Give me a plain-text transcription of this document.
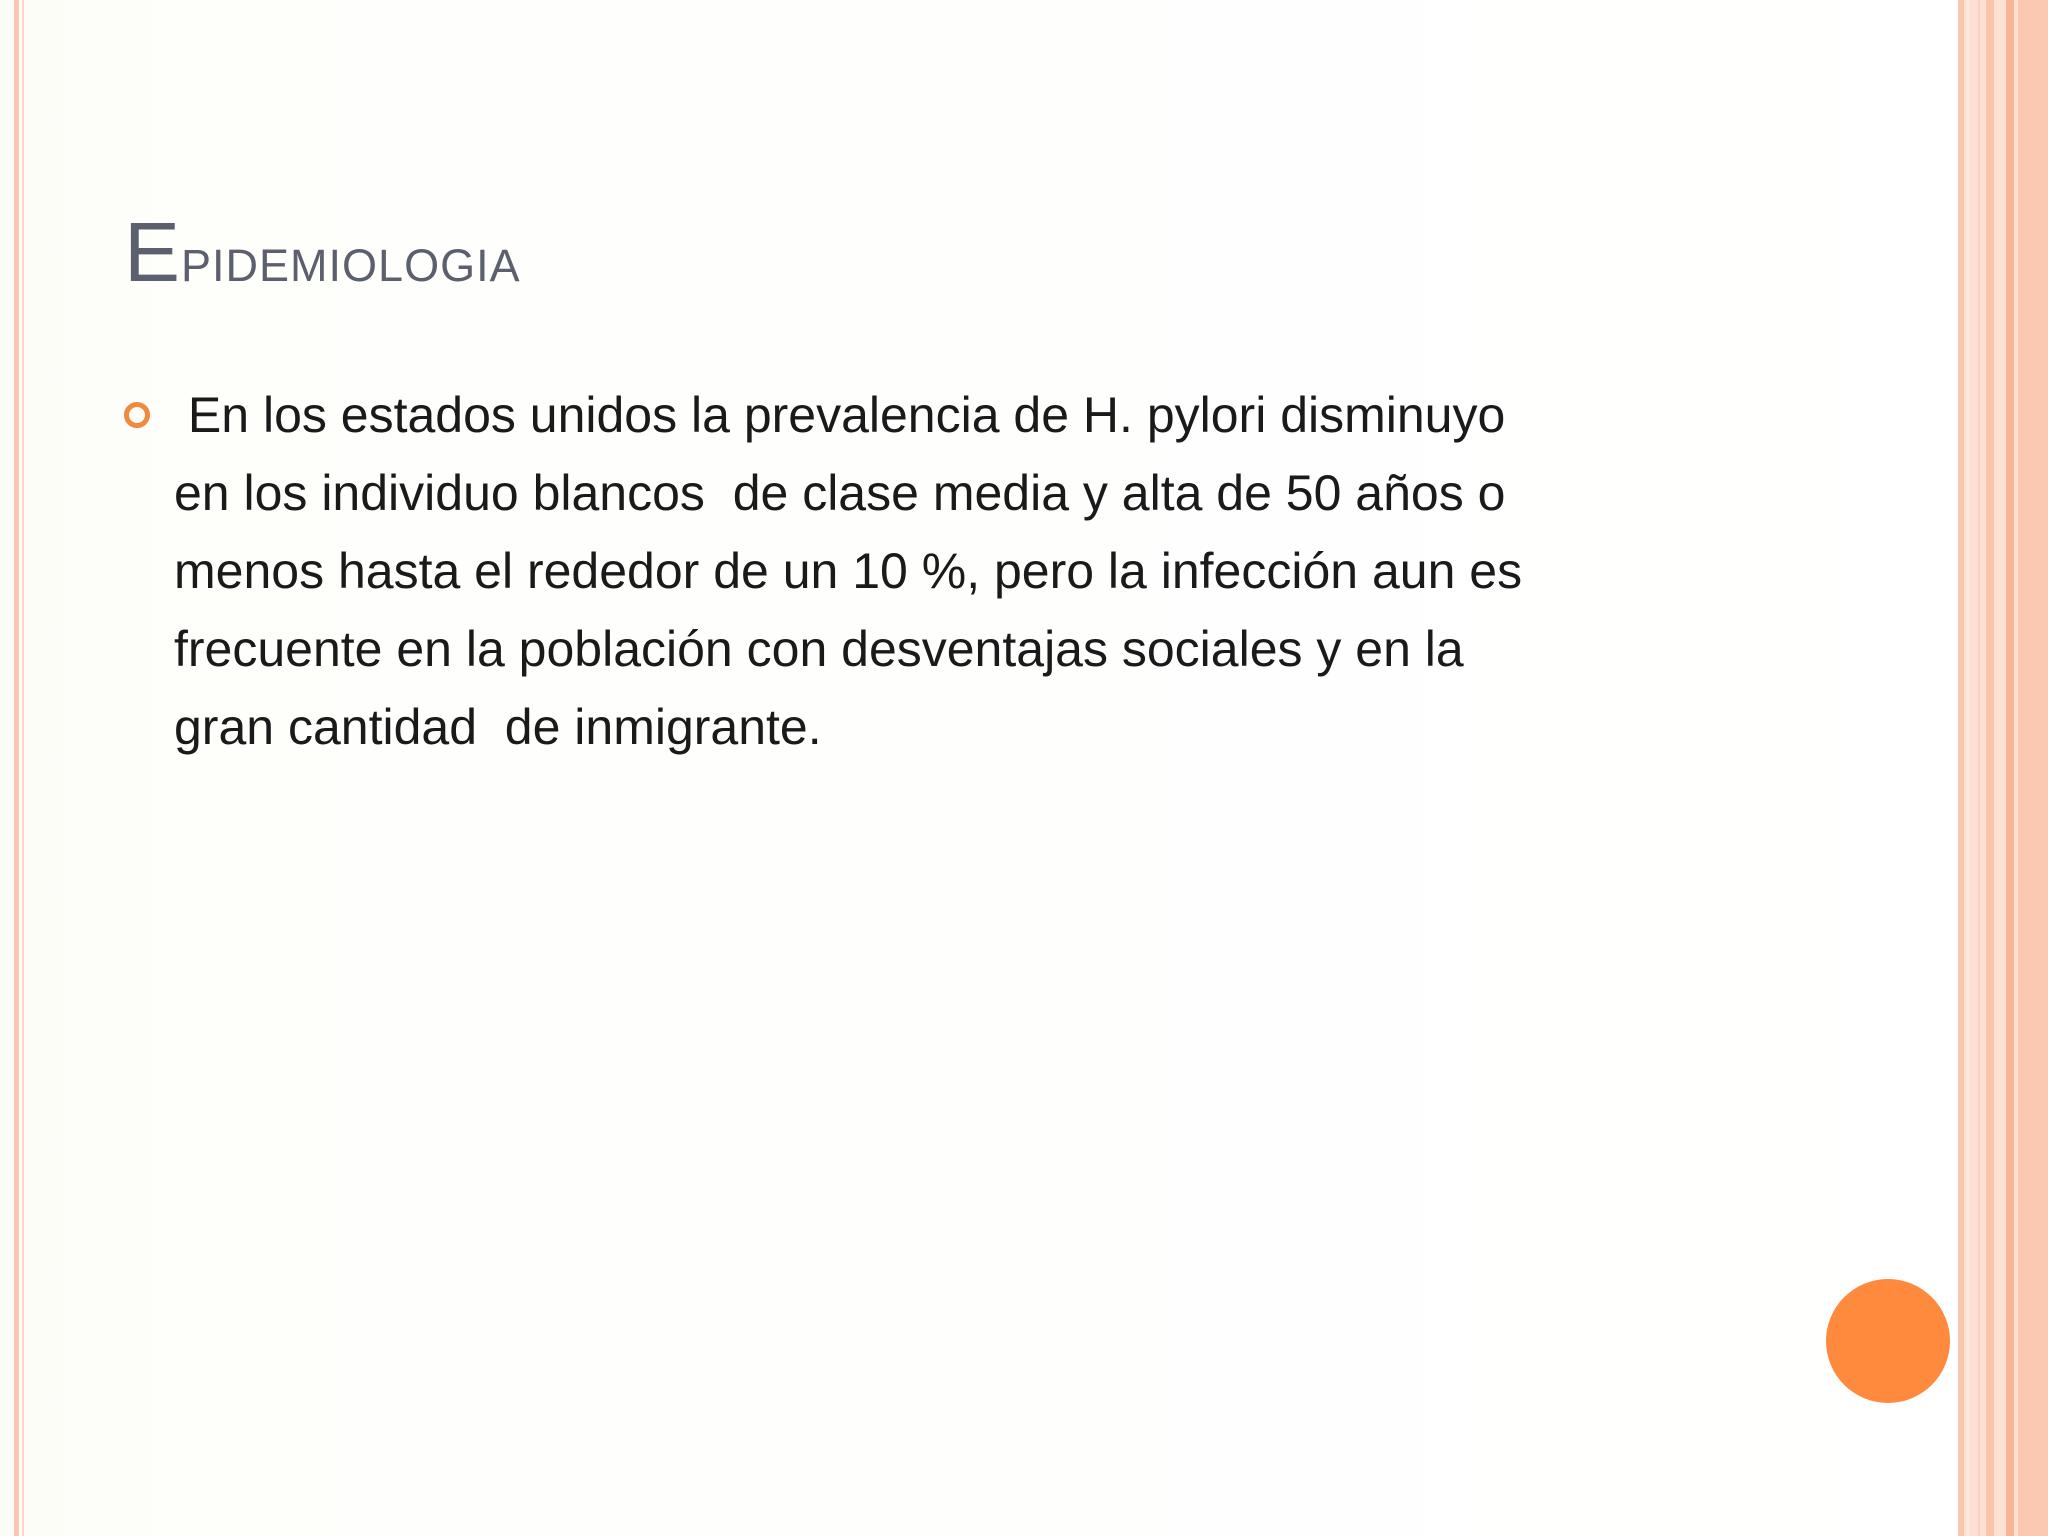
Epidemiologia
En los estados unidos la prevalencia de H. pylori disminuyo
en los individuo blancos  de clase media y alta de 50 años o
menos hasta el rededor de un 10 %, pero la infección aun es
frecuente en la población con desventajas sociales y en la
gran cantidad  de inmigrante.
